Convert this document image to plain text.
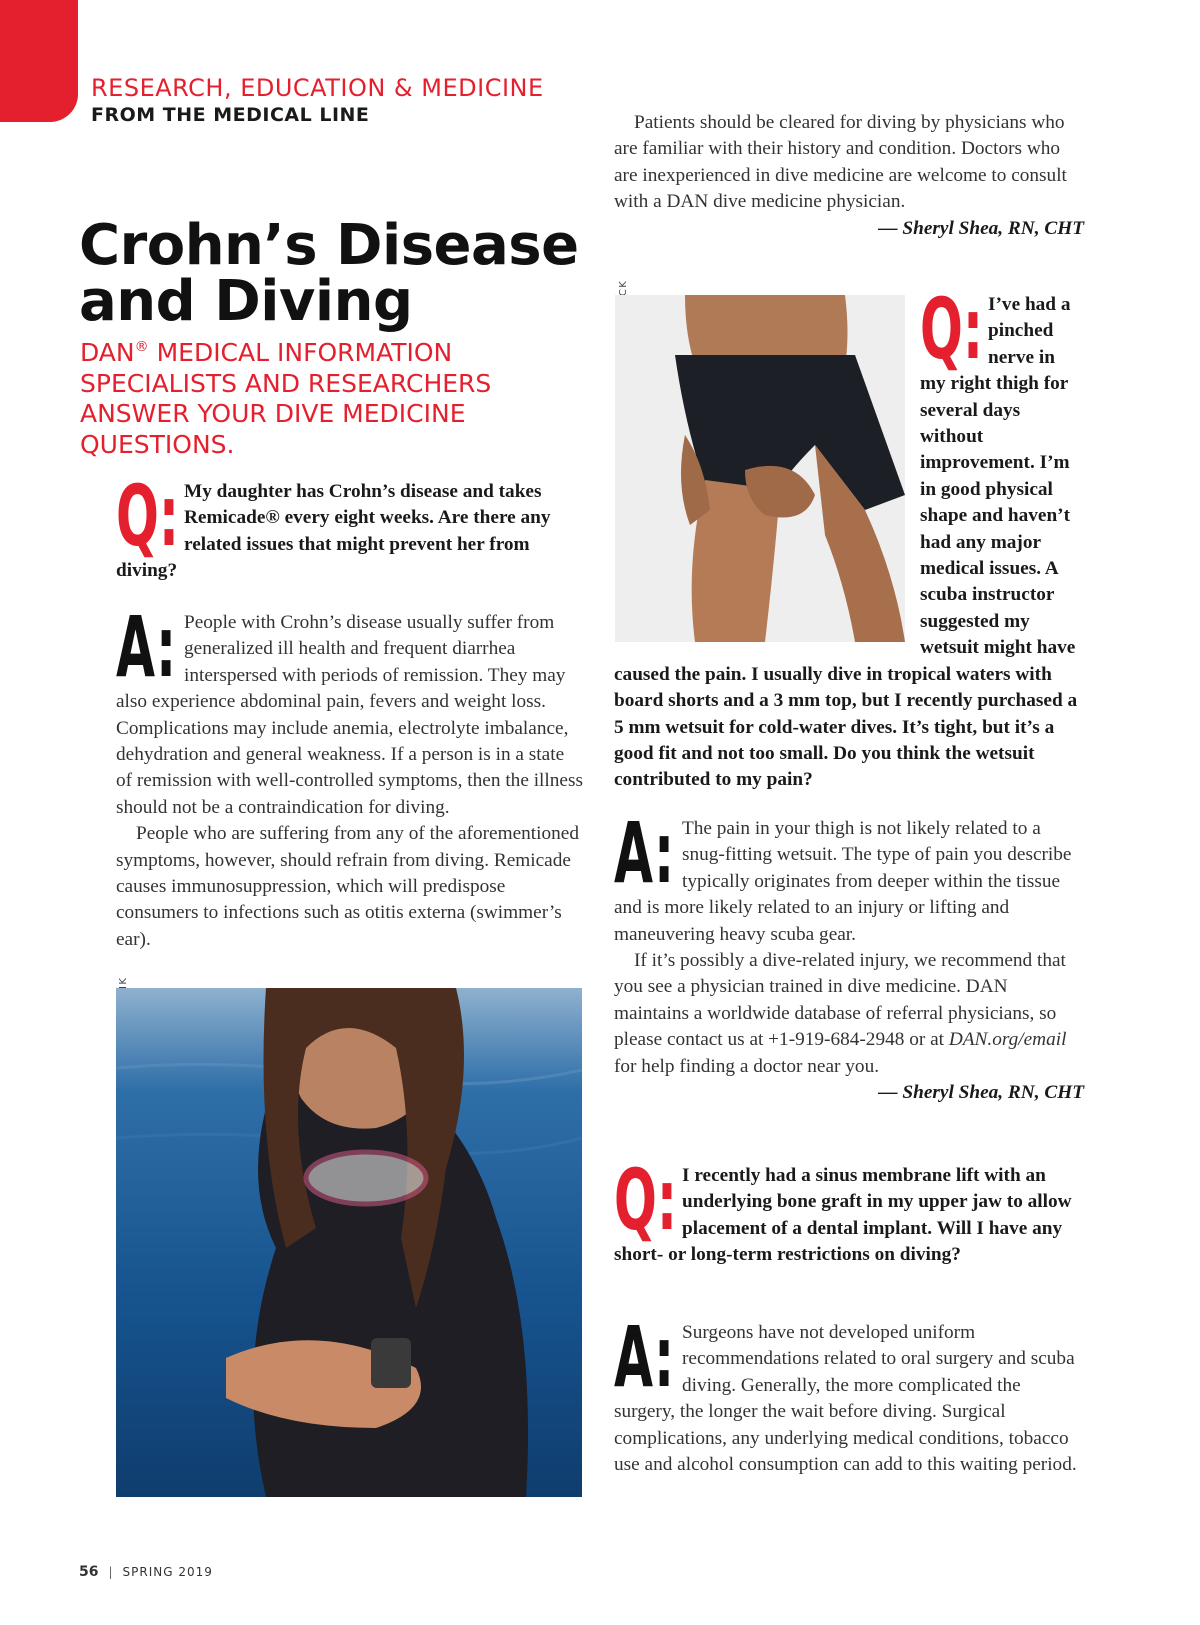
RESEARCH, EDUCATION & MEDICINE
FROM THE MEDICAL LINE
Crohn’s Disease
and Diving
DAN® MEDICAL INFORMATION SPECIALISTS AND RESEARCHERS ANSWER YOUR DIVE MEDICINE QUESTIONS.
Q: My daughter has Crohn’s disease and takes Remicade® every eight weeks. Are there any related issues that might prevent her from diving?

A: People with Crohn’s disease usually suffer from generalized ill health and frequent diarrhea interspersed with periods of remission. They may also experience abdominal pain, fevers and weight loss. Complications may include anemia, electrolyte imbalance, dehydration and general weakness. If a person is in a state of remission with well-controlled symptoms, then the illness should not be a contraindication for diving.

People who are suffering from any of the aforementioned symptoms, however, should refrain from diving. Remicade causes immunosuppression, which will predispose consumers to infections such as otitis externa (swimmer’s ear).

Patients should be cleared for diving by physicians who are familiar with their history and condition. Doctors who are inexperienced in dive medicine are welcome to consult with a DAN dive medicine physician.

— Sheryl Shea, RN, CHT

Q: I’ve had a pinched nerve in my right thigh for several days without improvement. I’m in good physical shape and haven’t had any major medical issues. A scuba instructor suggested my wetsuit might have caused the pain. I usually dive in tropical waters with board shorts and a 3 mm top, but I recently purchased a 5 mm wetsuit for cold-water dives. It’s tight, but it’s a good fit and not too small. Do you think the wetsuit contributed to my pain?

A: The pain in your thigh is not likely related to a snug-fitting wetsuit. The type of pain you describe typically originates from deeper within the tissue and is more likely related to an injury or lifting and maneuvering heavy scuba gear.

If it’s possibly a dive-related injury, we recommend that you see a physician trained in dive medicine. DAN maintains a worldwide database of referral physicians, so please contact us at +1-919-684-2948 or at DAN.org/email for help finding a doctor near you.

— Sheryl Shea, RN, CHT

Q: I recently had a sinus membrane lift with an underlying bone graft in my upper jaw to allow placement of a dental implant. Will I have any short- or long-term restrictions on diving?

A: Surgeons have not developed uniform recommendations related to oral surgery and scuba diving. Generally, the more complicated the surgery, the longer the wait before diving. Surgical complications, any underlying medical conditions, tobacco use and alcohol consumption can add to this waiting period.

56 | SPRING 2019
